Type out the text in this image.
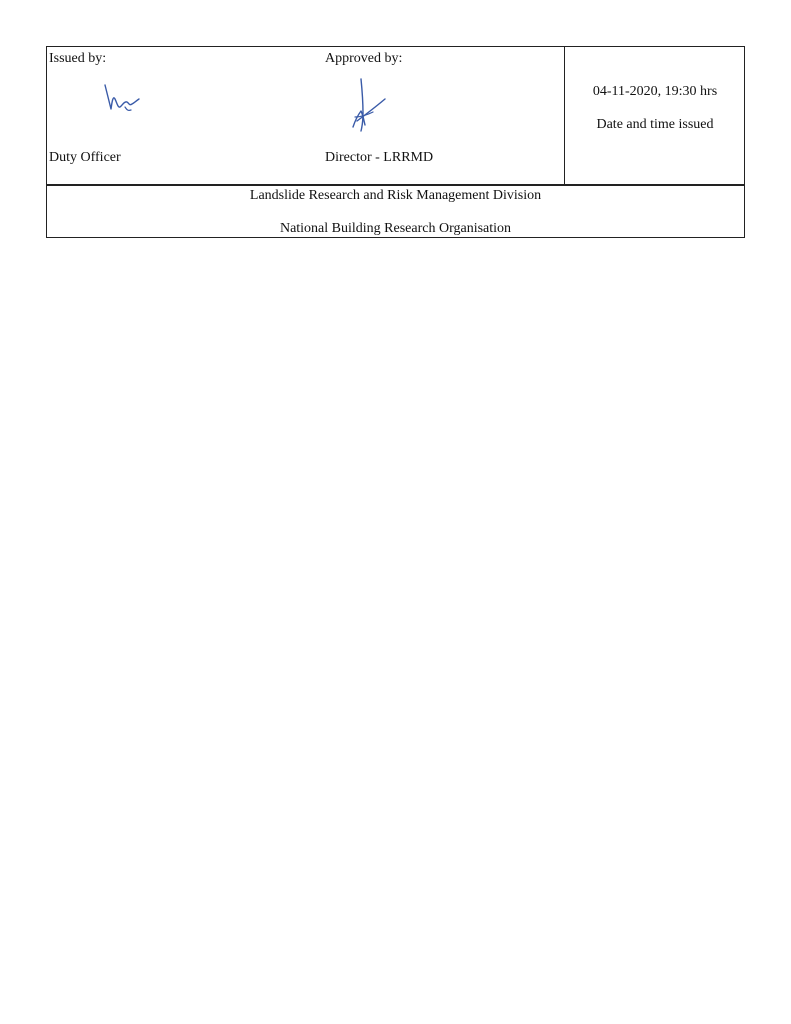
Issued by:
Duty Officer
Approved by:
Director - LRRMD
04-11-2020, 19:30 hrs
Date and time issued
Landslide Research and Risk Management Division
National Building Research Organisation
